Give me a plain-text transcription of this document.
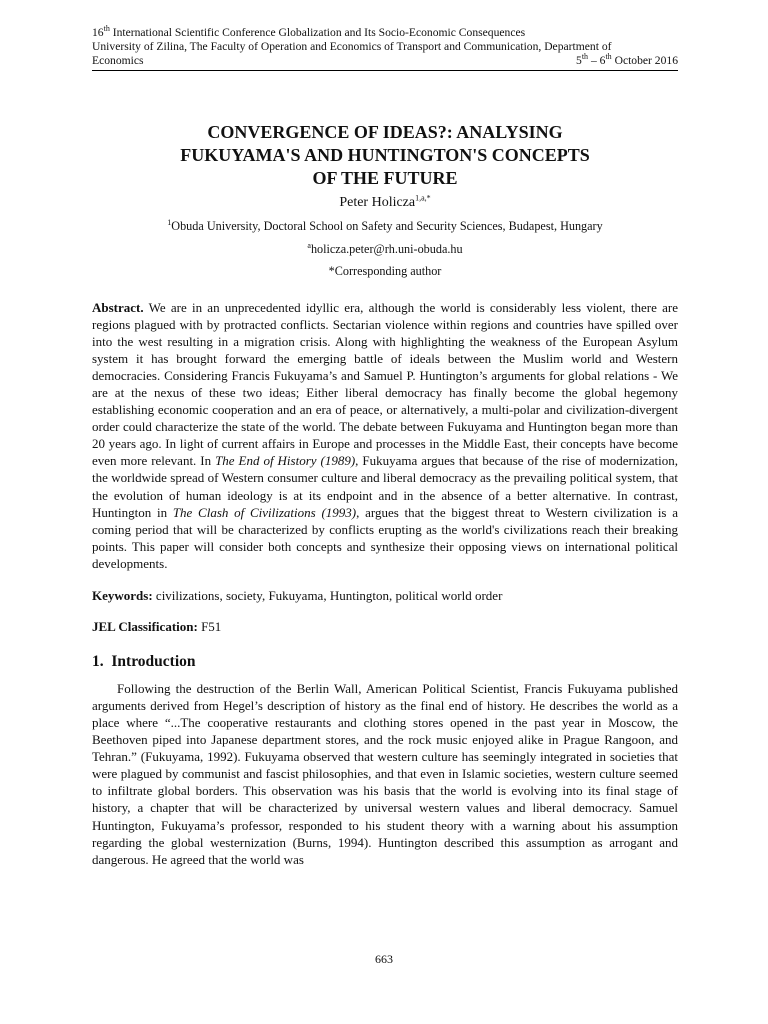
16th International Scientific Conference Globalization and Its Socio-Economic Consequences

University of Zilina, The Faculty of Operation and Economics of Transport and Communication, Department of

Economics	5th – 6th October 2016

CONVERGENCE OF IDEAS?: ANALYSING
FUKUYAMA'S AND HUNTINGTON'S CONCEPTS
OF THE FUTURE
Peter Holicza$^{1,a,*}$
$^1$Obuda University, Doctoral School on Safety and Security Sciences, Budapest, Hungary
$^a$holicza.peter@rh.uni-obuda.hu
*Corresponding author
Abstract. We are in an unprecedented idyllic era, although the world is considerably less violent, there are regions plagued with by protracted conflicts. Sectarian violence within regions and countries have spilled over into the west resulting in a migration crisis. Along with highlighting the weakness of the European Asylum system it has brought forward the emerging battle of ideals between the Muslim world and Western democracies. Considering Francis Fukuyama’s and Samuel P. Huntington’s arguments for global relations - We are at the nexus of these two ideas; Either liberal democracy has finally become the global hegemony establishing economic cooperation and an era of peace, or alternatively, a multi-polar and civilization-divergent order could characterize the state of the world. The debate between Fukuyama and Huntington began more than 20 years ago. In light of current affairs in Europe and processes in the Middle East, their concepts have become even more relevant. In The End of History (1989), Fukuyama argues that because of the rise of modernization, the worldwide spread of Western consumer culture and liberal democracy as the prevailing political system, that the evolution of human ideology is at its endpoint and in the absence of a better alternative. In contrast, Huntington in The Clash of Civilizations (1993), argues that the biggest threat to Western civilization is a coming period that will be characterized by conflicts erupting as the world's civilizations reach their breaking points. This paper will consider both concepts and synthesize their opposing views on international political developments.
Keywords: civilizations, society, Fukuyama, Huntington, political world order
JEL Classification: F51
1. Introduction
Following the destruction of the Berlin Wall, American Political Scientist, Francis Fukuyama published arguments derived from Hegel’s description of history as the final end of history. He describes the world as a place where “...The cooperative restaurants and clothing stores opened in the past year in Moscow, the Beethoven piped into Japanese department stores, and the rock music enjoyed alike in Prague Rangoon, and Tehran.” (Fukuyama, 1992). Fukuyama observed that western culture has seemingly integrated in societies that were plagued by communist and fascist philosophies, and that even in Islamic societies, western culture seemed to infiltrate global borders. This observation was his basis that the world is evolving into its final stage of history, a chapter that will be characterized by universal western values and liberal democracy. Samuel Huntington, Fukuyama’s professor, responded to his student theory with a warning about his assumption regarding the global westernization (Burns, 1994). Huntington described this assumption as arrogant and dangerous. He agreed that the world was
663
